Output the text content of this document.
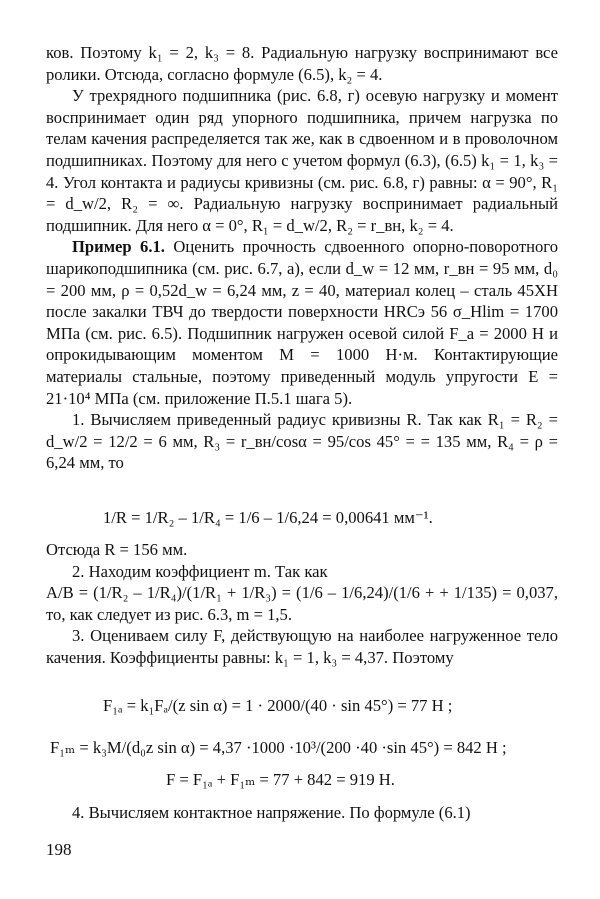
ков. Поэтому k₁ = 2, k₃ = 8. Радиальную нагрузку воспринимают все ролики. Отсюда, согласно формуле (6.5), k₂ = 4.

У трехрядного подшипника (рис. 6.8, г) осевую нагрузку и момент воспринимает один ряд упорного подшипника, причем нагрузка по телам качения распределяется так же, как в сдвоенном и в проволочном подшипниках. Поэтому для него с учетом формул (6.3), (6.5) k₁ = 1, k₃ = 4. Угол контакта и радиусы кривизны (см. рис. 6.8, г) равны: α = 90°, R₁ = d_w/2, R₂ = ∞. Радиальную нагрузку воспринимает радиальный подшипник. Для него α = 0°, R₁ = d_w/2, R₂ = r_вн, k₂ = 4.

Пример 6.1. Оценить прочность сдвоенного опорно-поворотного шарикоподшипника (см. рис. 6.7, а), если d_w = 12 мм, r_вн = 95 мм, d₀ = 200 мм, ρ = 0,52d_w = 6,24 мм, z = 40, материал колец – сталь 45ХН после закалки ТВЧ до твердости поверхности HRCэ 56 σ_Hlim = 1700 МПа (см. рис. 6.5). Подшипник нагружен осевой силой F_a = 2000 Н и опрокидывающим моментом M = 1000 Н·м. Контактирующие материалы стальные, поэтому приведенный модуль упругости E = 21·10⁴ МПа (см. приложение П.5.1 шага 5).

1. Вычисляем приведенный радиус кривизны R. Так как R₁ = R₂ = d_w/2 = 12/2 = 6 мм, R₃ = r_вн/cosα = 95/cos 45° = = 135 мм, R₄ = ρ = 6,24 мм, то

1/R = 1/R₂ – 1/R₄ = 1/6 – 1/6,24 = 0,00641 мм⁻¹.

Отсюда R = 156 мм.

2. Находим коэффициент m. Так как

A/B = (1/R₂ – 1/R₄)/(1/R₁ + 1/R₃) = (1/6 – 1/6,24)/(1/6 + + 1/135) = 0,037, то, как следует из рис. 6.3, m = 1,5.

3. Оцениваем силу F, действующую на наиболее нагруженное тело качения. Коэффициенты равны: k₁ = 1, k₃ = 4,37. Поэтому

F₁ₐ = k₁Fₐ/(z sin α) = 1 · 2000/(40 · sin 45°) = 77 Н ;
F₁ₘ = k₃M/(d₀z sin α) = 4,37 ·1000 ·10³/(200 ·40 ·sin 45°) = 842 Н ;
F = F₁ₐ + F₁ₘ = 77 + 842 = 919 Н.

4. Вычисляем контактное напряжение. По формуле (6.1)

198
